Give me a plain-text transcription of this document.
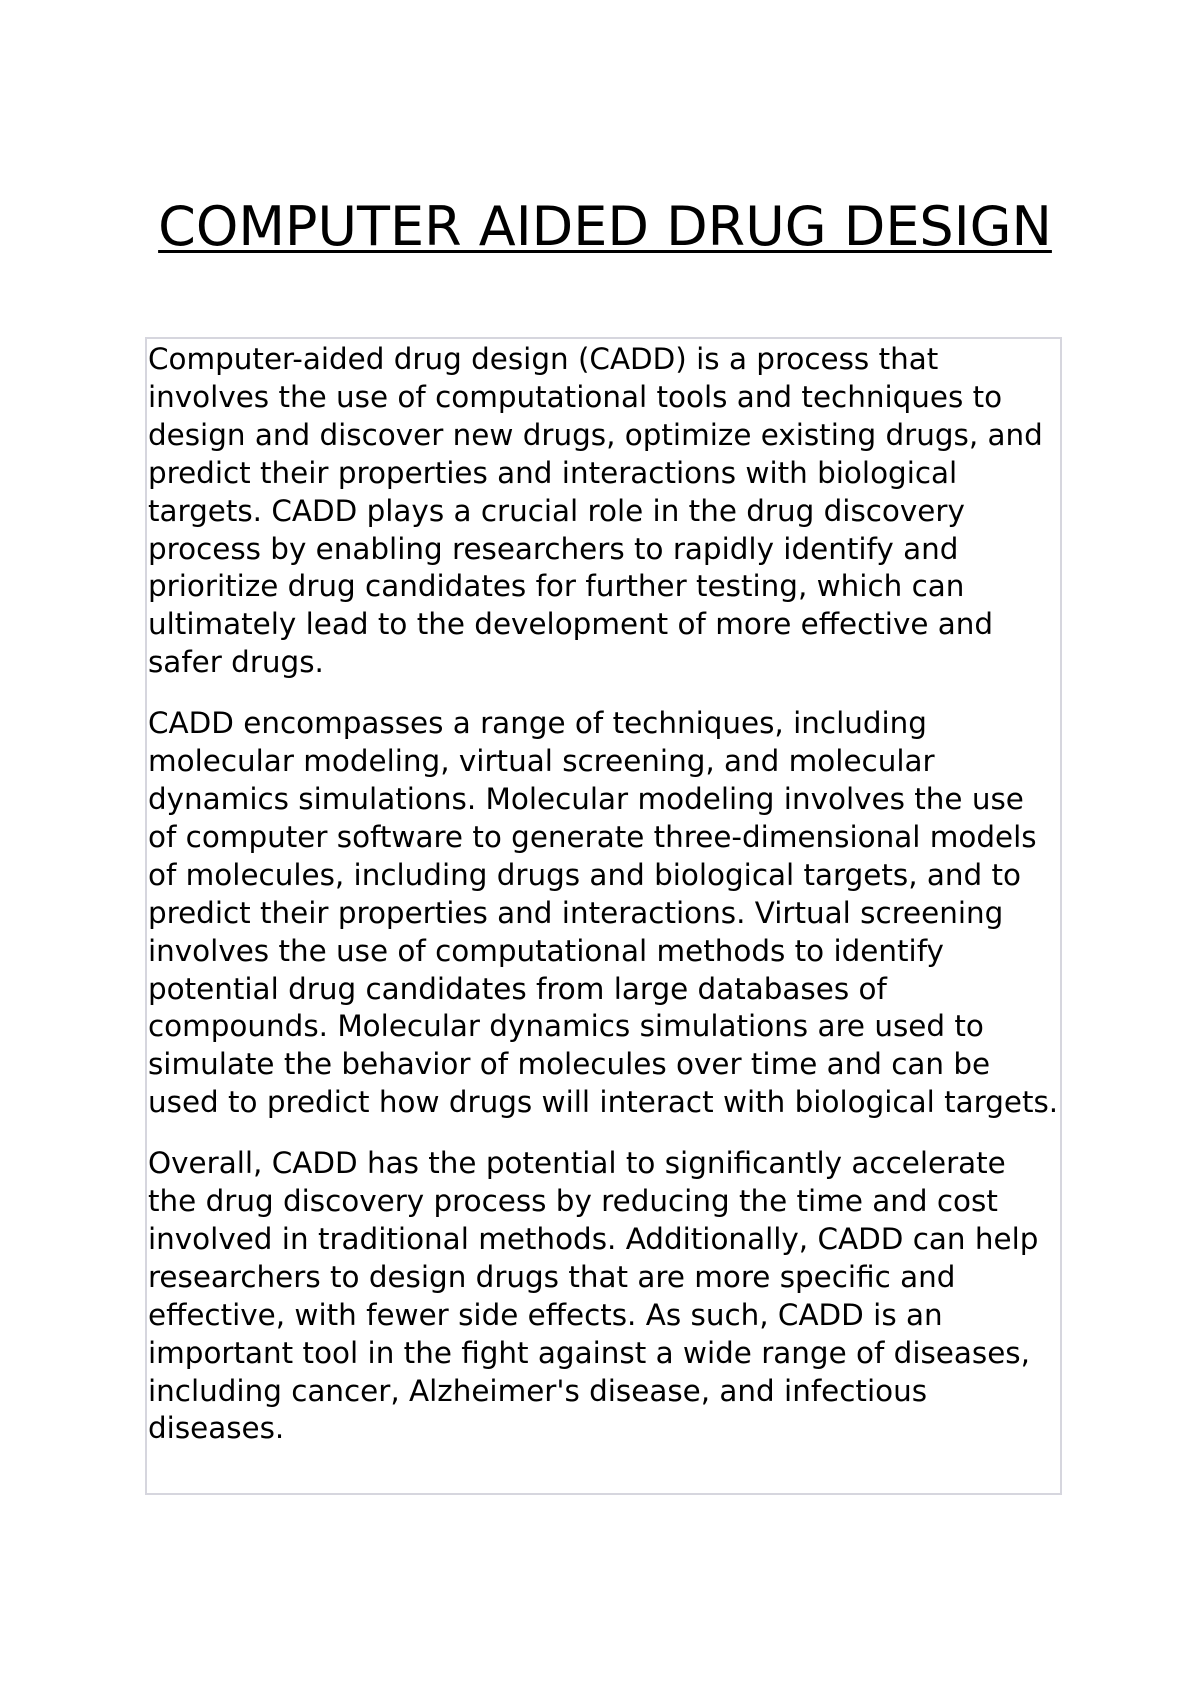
COMPUTER AIDED DRUG DESIGN

Computer-aided drug design (CADD) is a process that involves the use of computational tools and techniques to design and discover new drugs, optimize existing drugs, and predict their properties and interactions with biological targets. CADD plays a crucial role in the drug discovery process by enabling researchers to rapidly identify and prioritize drug candidates for further testing, which can ultimately lead to the development of more effective and safer drugs.

CADD encompasses a range of techniques, including molecular modeling, virtual screening, and molecular dynamics simulations. Molecular modeling involves the use of computer software to generate three-dimensional models of molecules, including drugs and biological targets, and to predict their properties and interactions. Virtual screening involves the use of computational methods to identify potential drug candidates from large databases of compounds. Molecular dynamics simulations are used to simulate the behavior of molecules over time and can be used to predict how drugs will interact with biological targets.

Overall, CADD has the potential to significantly accelerate the drug discovery process by reducing the time and cost involved in traditional methods. Additionally, CADD can help researchers to design drugs that are more specific and effective, with fewer side effects. As such, CADD is an important tool in the fight against a wide range of diseases, including cancer, Alzheimer's disease, and infectious diseases.
